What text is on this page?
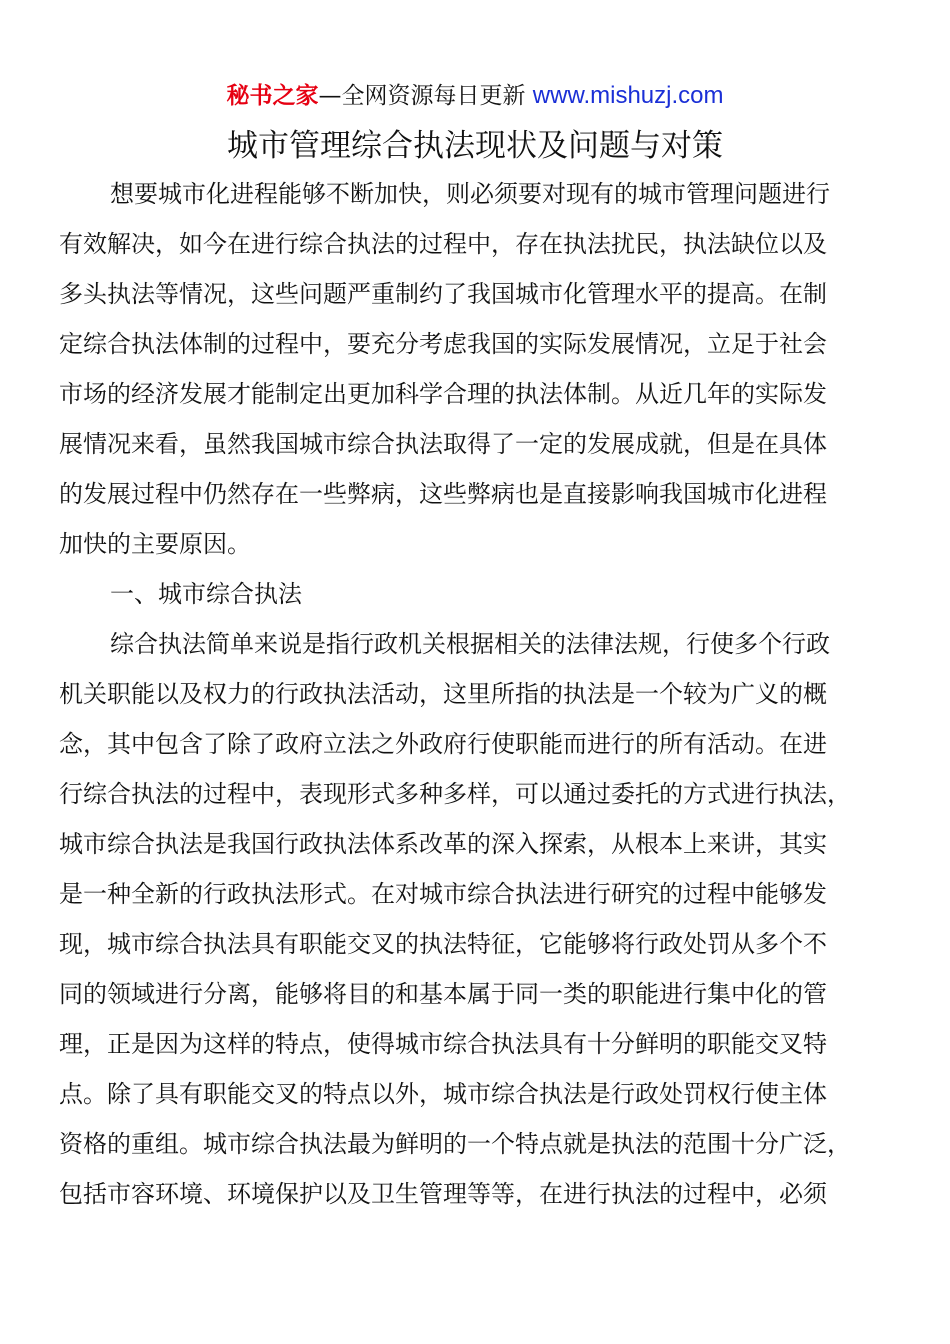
秘书之家—全网资源每日更新 www.mishuzj.com
城市管理综合执法现状及问题与对策
想要城市化进程能够不断加快，则必须要对现有的城市管理问题进行
有效解决，如今在进行综合执法的过程中，存在执法扰民，执法缺位以及
多头执法等情况，这些问题严重制约了我国城市化管理水平的提高。在制
定综合执法体制的过程中，要充分考虑我国的实际发展情况，立足于社会
市场的经济发展才能制定出更加科学合理的执法体制。从近几年的实际发
展情况来看，虽然我国城市综合执法取得了一定的发展成就，但是在具体
的发展过程中仍然存在一些弊病，这些弊病也是直接影响我国城市化进程
加快的主要原因。
一、城市综合执法
综合执法简单来说是指行政机关根据相关的法律法规，行使多个行政
机关职能以及权力的行政执法活动，这里所指的执法是一个较为广义的概
念，其中包含了除了政府立法之外政府行使职能而进行的所有活动。在进
行综合执法的过程中，表现形式多种多样，可以通过委托的方式进行执法，
城市综合执法是我国行政执法体系改革的深入探索，从根本上来讲，其实
是一种全新的行政执法形式。在对城市综合执法进行研究的过程中能够发
现，城市综合执法具有职能交叉的执法特征，它能够将行政处罚从多个不
同的领域进行分离，能够将目的和基本属于同一类的职能进行集中化的管
理，正是因为这样的特点，使得城市综合执法具有十分鲜明的职能交叉特
点。除了具有职能交叉的特点以外，城市综合执法是行政处罚权行使主体
资格的重组。城市综合执法最为鲜明的一个特点就是执法的范围十分广泛，
包括市容环境、环境保护以及卫生管理等等，在进行执法的过程中，必须
